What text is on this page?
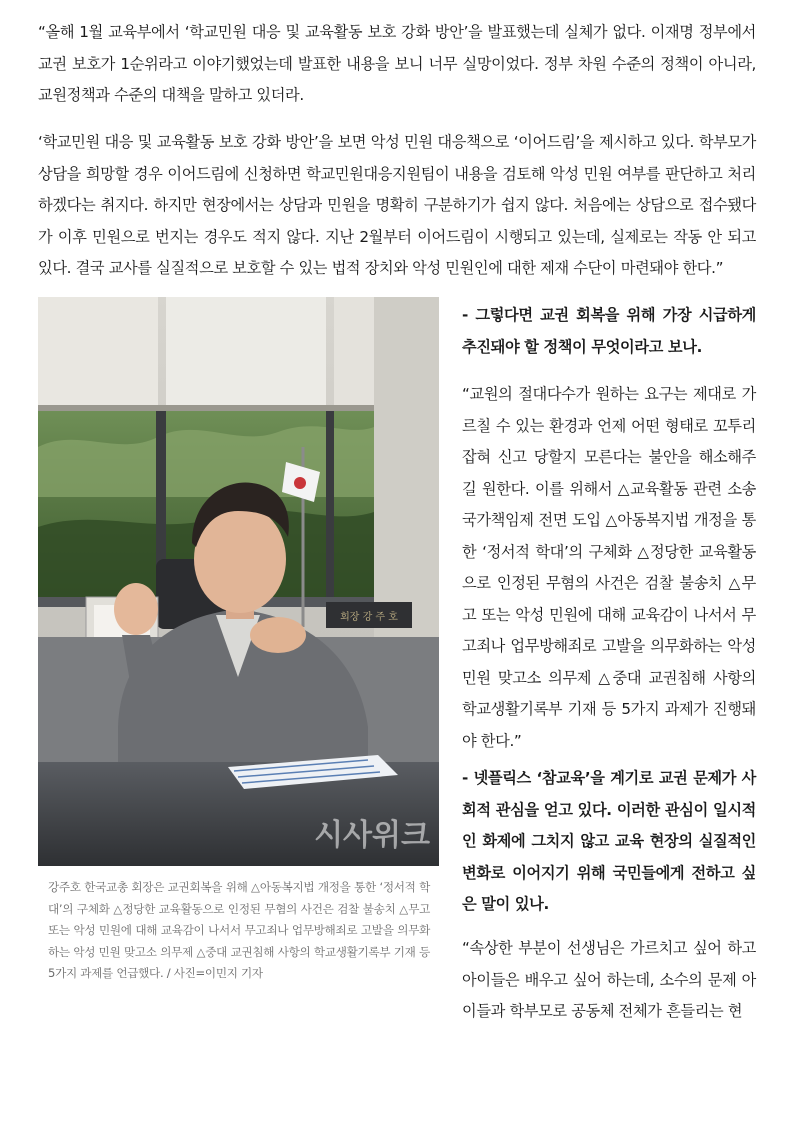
“올해 1월 교육부에서 ‘학교민원 대응 및 교육활동 보호 강화 방안’을 발표했는데 실체가 없다. 이재명 정부에서 교권 보호가 1순위라고 이야기했었는데 발표한 내용을 보니 너무 실망이었다. 정부 차원 수준의 정책이 아니라, 교원정책과 수준의 대책을 말하고 있더라.

‘학교민원 대응 및 교육활동 보호 강화 방안’을 보면 악성 민원 대응책으로 ‘이어드림’을 제시하고 있다. 학부모가 상담을 희망할 경우 이어드림에 신청하면 학교민원대응지원팀이 내용을 검토해 악성 민원 여부를 판단하고 처리하겠다는 취지다. 하지만 현장에서는 상담과 민원을 명확히 구분하기가 쉽지 않다. 처음에는 상담으로 접수됐다가 이후 민원으로 번지는 경우도 적지 않다. 지난 2월부터 이어드림이 시행되고 있는데, 실제로는 작동 안 되고 있다. 결국 교사를 실질적으로 보호할 수 있는 법적 장치와 악성 민원인에 대한 제재 수단이 마련돼야 한다.”

회장 강 주 호
시사위크

강주호 한국교총 회장은 교권회복을 위해 △아동복지법 개정을 통한 ‘정서적 학대’의 구체화 △정당한 교육활동으로 인정된 무혐의 사건은 검찰 불송치 △무고 또는 악성 민원에 대해 교육감이 나서서 무고죄나 업무방해죄로 고발을 의무화하는 악성 민원 맞고소 의무제 △중대 교권침해 사항의 학교생활기록부 기재 등 5가지 과제를 언급했다. / 사진=이민지 기자

- 그렇다면 교권 회복을 위해 가장 시급하게 추진돼야 할 정책이 무엇이라고 보나.

“교원의 절대다수가 원하는 요구는 제대로 가르칠 수 있는 환경과 언제 어떤 형태로 꼬투리 잡혀 신고 당할지 모른다는 불안을 해소해주길 원한다. 이를 위해서 △교육활동 관련 소송 국가책임제 전면 도입 △아동복지법 개정을 통한 ‘정서적 학대’의 구체화 △정당한 교육활동으로 인정된 무혐의 사건은 검찰 불송치 △무고 또는 악성 민원에 대해 교육감이 나서서 무고죄나 업무방해죄로 고발을 의무화하는 악성 민원 맞고소 의무제 △중대 교권침해 사항의 학교생활기록부 기재 등 5가지 과제가 진행돼야 한다.”

- 넷플릭스 ‘참교육’을 계기로 교권 문제가 사회적 관심을 얻고 있다. 이러한 관심이 일시적인 화제에 그치지 않고 교육 현장의 실질적인 변화로 이어지기 위해 국민들에게 전하고 싶은 말이 있나.

“속상한 부분이 선생님은 가르치고 싶어 하고 아이들은 배우고 싶어 하는데, 소수의 문제 아이들과 학부모로 공동체 전체가 흔들리는 현
